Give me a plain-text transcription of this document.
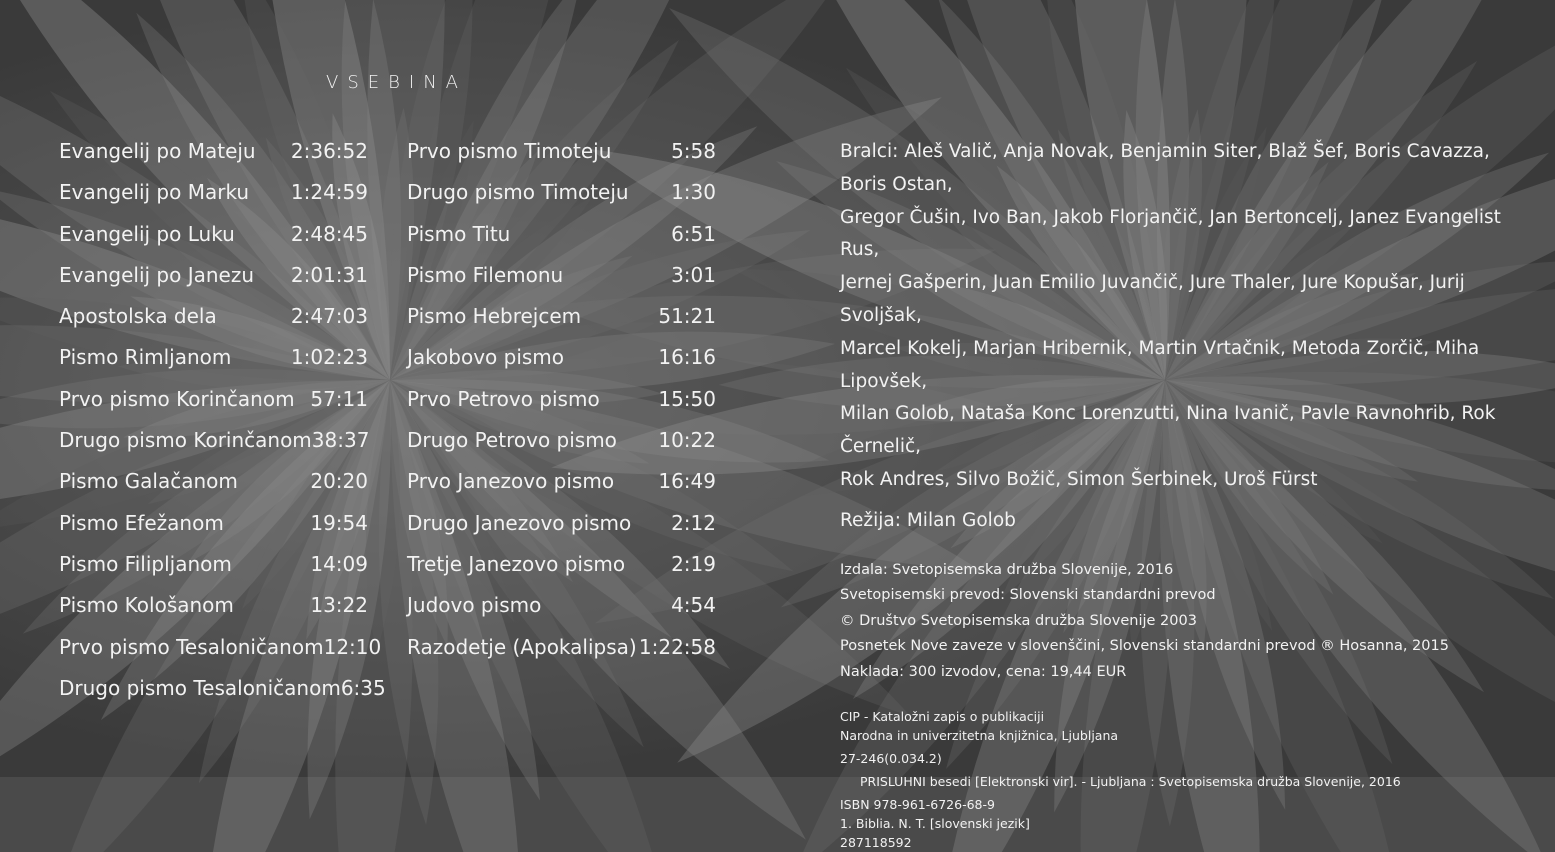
VSEBINA
Evangelij po Mateju 2:36:52
Evangelij po Marku 1:24:59
Evangelij po Luku	2:48:45
Evangelij po Janezu 2:01:31
Apostolska dela	2:47:03
Pismo Rimljanom	1:02:23
Prvo pismo Korinčanom 57:11
Drugo pismo Korinčanom 38:37
Pismo Galačanom	20:20
Pismo Efežanom	19:54
Pismo Filipljanom	14:09
Pismo Kološanom	13:22
Prvo pismo Tesaloničanom 12:10
Drugo pismo Tesaloničanom 6:35
Prvo pismo Timoteju	5:58
Drugo pismo Timoteju 1:30
Pismo Titu	6:51
Pismo Filemonu	3:01
Pismo Hebrejcem	51:21
Jakobovo pismo	16:16
Prvo Petrovo pismo	15:50
Drugo Petrovo pismo 10:22
Prvo Janezovo pismo 16:49
Drugo Janezovo pismo 2:12
Tretje Janezovo pismo 2:19
Judovo pismo	4:54
Razodetje (Apokalipsa) 1:22:58
Bralci: Aleš Valič, Anja Novak, Benjamin Siter, Blaž Šef, Boris Cavazza, Boris Ostan,
Gregor Čušin, Ivo Ban, Jakob Florjančič, Jan Bertoncelj, Janez Evangelist Rus,
Jernej Gašperin, Juan Emilio Juvančič, Jure Thaler, Jure Kopušar, Jurij Svoljšak,
Marcel Kokelj, Marjan Hribernik, Martin Vrtačnik, Metoda Zorčič, Miha Lipovšek,
Milan Golob, Nataša Konc Lorenzutti, Nina Ivanič, Pavle Ravnohrib, Rok Černelič,
Rok Andres, Silvo Božič, Simon Šerbinek, Uroš Fürst
Režija: Milan Golob
Izdala: Svetopisemska družba Slovenije, 2016
Svetopisemski prevod: Slovenski standardni prevod
© Društvo Svetopisemska družba Slovenije 2003
Posnetek Nove zaveze v slovenščini, Slovenski standardni prevod ® Hosanna, 2015
Naklada: 300 izvodov, cena: 19,44 EUR
CIP - Kataložni zapis o publikaciji
Narodna in univerzitetna knjižnica, Ljubljana
27-246(0.034.2)
PRISLUHNI besedi [Elektronski vir]. - Ljubljana : Svetopisemska družba Slovenije, 2016
ISBN 978-961-6726-68-9
1. Biblia. N. T. [slovenski jezik]
287118592
